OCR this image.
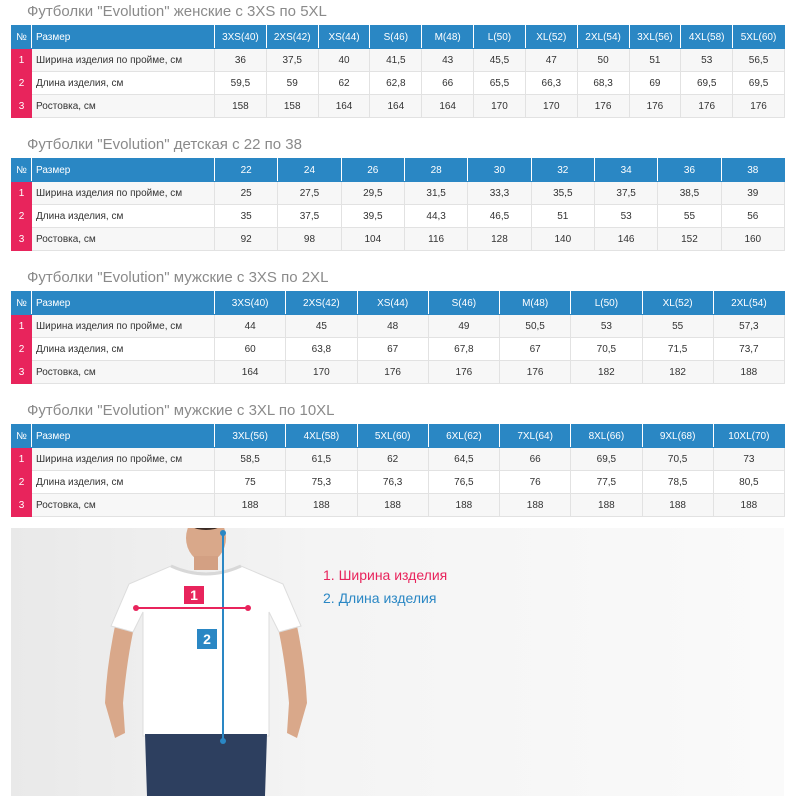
Футболки "Evolution" женские с 3XS по 5XL
№	Размер	3XS(40)	2XS(42)	XS(44)	S(46)	M(48)	L(50)	XL(52)	2XL(54)	3XL(56)	4XL(58)	5XL(60)
1	Ширина изделия по пройме, см	36	37,5	40	41,5	43	45,5	47	50	51	53	56,5
2	Длина изделия, см	59,5	59	62	62,8	66	65,5	66,3	68,3	69	69,5	69,5
3	Ростовка, см	158	158	164	164	164	170	170	176	176	176	176
Футболки "Evolution" детская с 22 по 38
№	Размер	22	24	26	28	30	32	34	36	38
1	Ширина изделия по пройме, см	25	27,5	29,5	31,5	33,3	35,5	37,5	38,5	39
2	Длина изделия, см	35	37,5	39,5	44,3	46,5	51	53	55	56
3	Ростовка, см	92	98	104	116	128	140	146	152	160
Футболки "Evolution" мужские с 3XS по 2XL
№	Размер	3XS(40)	2XS(42)	XS(44)	S(46)	M(48)	L(50)	XL(52)	2XL(54)
1	Ширина изделия по пройме, см	44	45	48	49	50,5	53	55	57,3
2	Длина изделия, см	60	63,8	67	67,8	67	70,5	71,5	73,7
3	Ростовка, см	164	170	176	176	176	182	182	188
Футболки "Evolution" мужские с 3XL по 10XL
№	Размер	3XL(56)	4XL(58)	5XL(60)	6XL(62)	7XL(64)	8XL(66)	9XL(68)	10XL(70)
1	Ширина изделия по пройме, см	58,5	61,5	62	64,5	66	69,5	70,5	73
2	Длина изделия, см	75	75,3	76,3	76,5	76	77,5	78,5	80,5
3	Ростовка, см	188	188	188	188	188	188	188	188
1
2
1. Ширина изделия
2. Длина изделия
